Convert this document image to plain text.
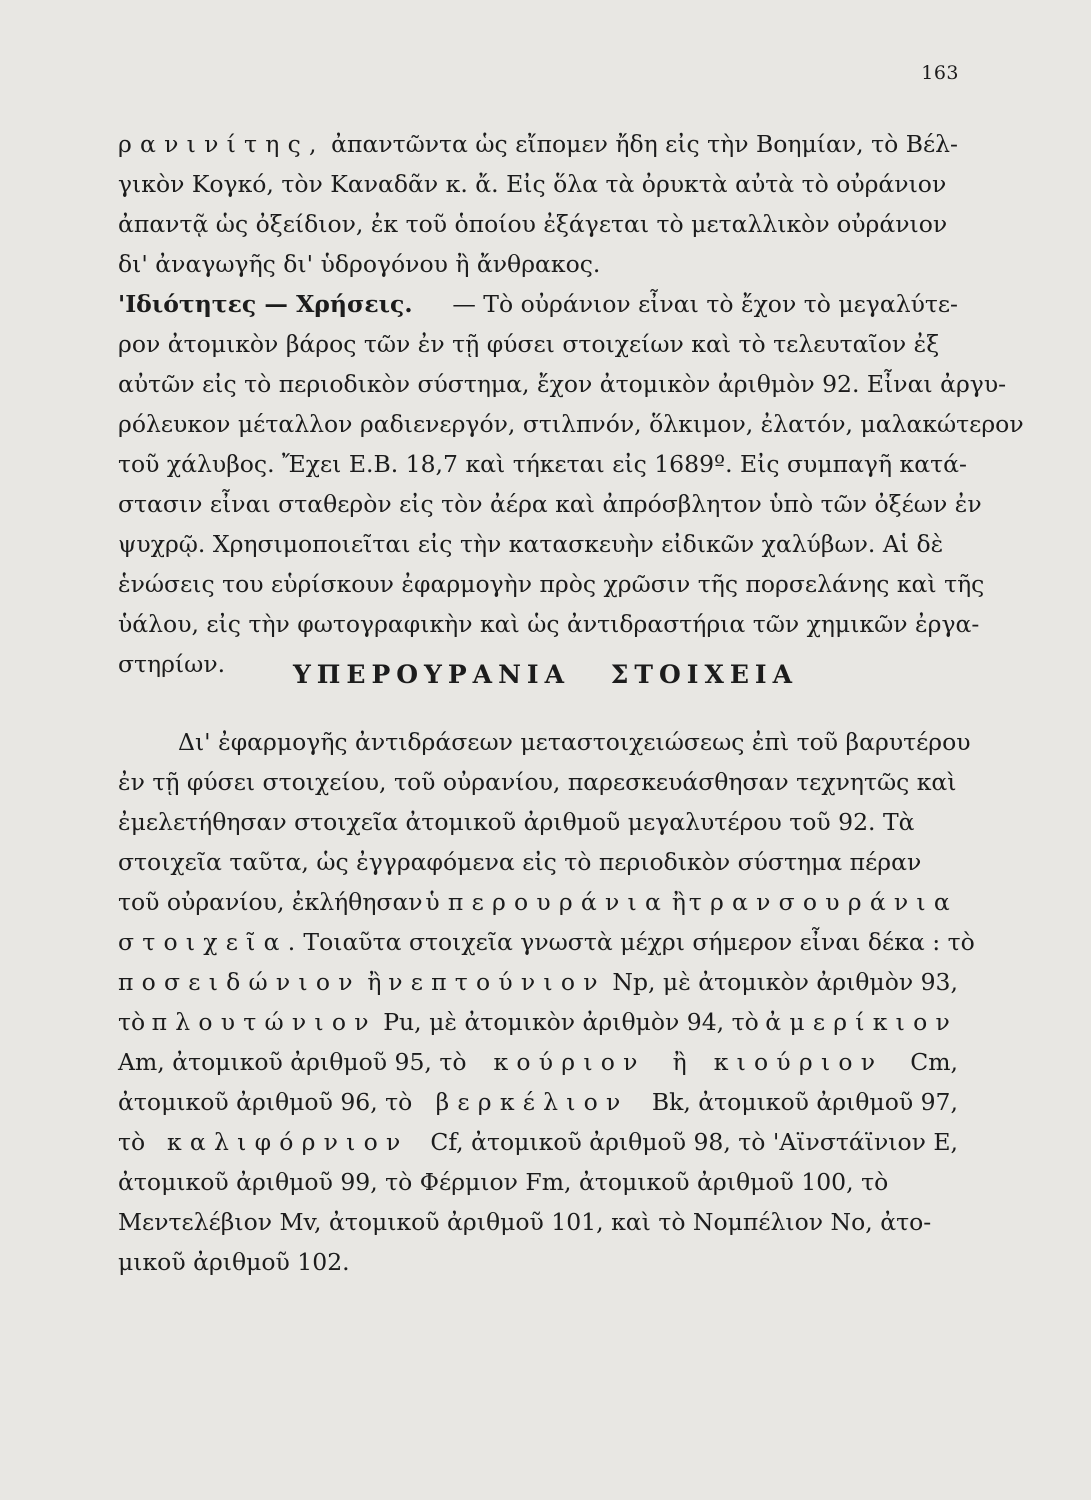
163
ρανινίτης, ἀπαντῶντα ὡς εἴπομεν ἤδη εἰς τὴν Βοημίαν, τὸ Βέλ-
γικὸν Κογκό, τὸν Καναδᾶν κ. ἄ. Εἰς ὅλα τὰ ὀρυκτὰ αὐτὰ τὸ οὐράνιον
ἀπαντᾷ ὡς ὀξείδιον, ἐκ τοῦ ὁποίου ἐξάγεται τὸ μεταλλικὸν οὐράνιον
δι' ἀναγωγῆς δι' ὑδρογόνου ἢ ἄνθρακος.
'Ιδιότητες — Χρήσεις. — Τὸ οὐράνιον εἶναι τὸ ἔχον τὸ μεγαλύτε-
ρον ἀτομικὸν βάρος τῶν ἐν τῇ φύσει στοιχείων καὶ τὸ τελευταῖον ἐξ
αὐτῶν εἰς τὸ περιοδικὸν σύστημα, ἔχον ἀτομικὸν ἀριθμὸν 92. Εἶναι ἀργυ-
ρόλευκον μέταλλον ραδιενεργόν, στιλπνόν, ὅλκιμον, ἐλατόν, μαλακώτερον
τοῦ χάλυβος. Ἔχει Ε.Β. 18,7 καὶ τήκεται εἰς 1689º. Εἰς συμπαγῆ κατά-
στασιν εἶναι σταθερὸν εἰς τὸν ἀέρα καὶ ἀπρόσβλητον ὑπὸ τῶν ὀξέων ἐν
ψυχρῷ. Χρησιμοποιεῖται εἰς τὴν κατασκευὴν εἰδικῶν χαλύβων. Αἱ δὲ
ἑνώσεις του εὑρίσκουν ἐφαρμογὴν πρὸς χρῶσιν τῆς πορσελάνης καὶ τῆς
ὑάλου, εἰς τὴν φωτογραφικὴν καὶ ὡς ἀντιδραστήρια τῶν χημικῶν ἐργα-
στηρίων.	ΥΠΕΡΟΥΡΑΝΙΑ ΣΤΟΙΧΕΙΑ
Δι' ἐφαρμογῆς ἀντιδράσεων μεταστοιχειώσεως ἐπὶ τοῦ βαρυτέρου
ἐν τῇ φύσει στοιχείου, τοῦ οὐρανίου, παρεσκευάσθησαν τεχνητῶς καὶ
ἐμελετήθησαν στοιχεῖα ἀτομικοῦ ἀριθμοῦ μεγαλυτέρου τοῦ 92. Τὰ
στοιχεῖα ταῦτα, ὡς ἐγγραφόμενα εἰς τὸ περιοδικὸν σύστημα πέραν
τοῦ οὐρανίου, ἐκλήθησαν ὑπερουράνια ἢ τρανσουράνια
στοιχεῖα. Τοιαῦτα στοιχεῖα γνωστὰ μέχρι σήμερον εἶναι δέκα : τὸ
ποσειδώνιον ἢ νεπτούνιον Np, μὲ ἀτομικὸν ἀριθμὸν 93,
τὸ πλουτώνιον Pu, μὲ ἀτομικὸν ἀριθμὸν 94, τὸ ἀμερίκιον
Am, ἀτομικοῦ ἀριθμοῦ 95, τὸ κούριον ἢ κιούριον Cm,
ἀτομικοῦ ἀριθμοῦ 96, τὸ βερκέλιον Bk, ἀτομικοῦ ἀριθμοῦ 97,
τὸ καλιφόρνιον Cf, ἀτομικοῦ ἀριθμοῦ 98, τὸ 'Αϊνστάϊνιον Ε,
ἀτομικοῦ ἀριθμοῦ 99, τὸ Φέρμιον Fm, ἀτομικοῦ ἀριθμοῦ 100, τὸ
Μεντελέβιον Mv, ἀτομικοῦ ἀριθμοῦ 101, καὶ τὸ Νομπέλιον No, ἀτο-
μικοῦ ἀριθμοῦ 102.
